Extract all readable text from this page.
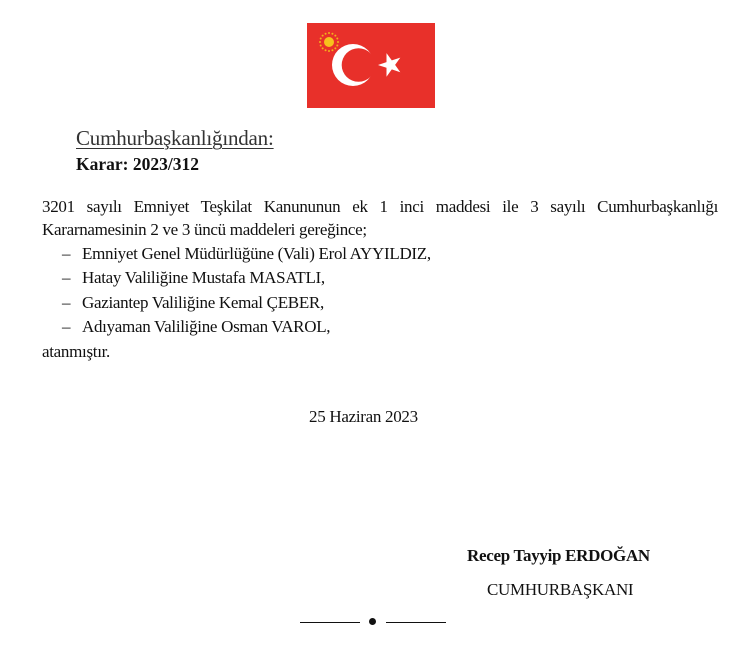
Cumhurbaşkanlığından:
Karar: 2023/312
3201 sayılı Emniyet Teşkilat Kanununun ek 1 inci maddesi ile 3 sayılı Cumhurbaşkanlığı
Kararnamesinin 2 ve 3 üncü maddeleri gereğince;
– Emniyet Genel Müdürlüğüne (Vali) Erol AYYILDIZ,
– Hatay Valiliğine Mustafa MASATLI,
– Gaziantep Valiliğine Kemal ÇEBER,
– Adıyaman Valiliğine Osman VAROL,
atanmıştır.
25 Haziran 2023
Recep Tayyip ERDOĞAN
CUMHURBAŞKANI
